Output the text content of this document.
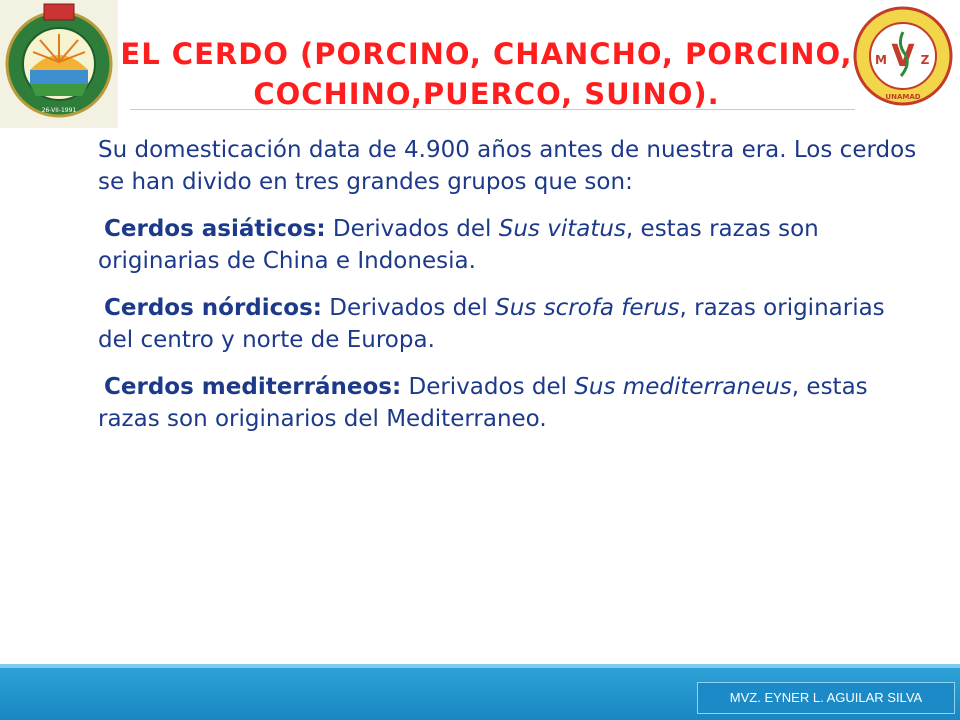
26-VII-1991
V
M	Z
UNAMAD
EL CERDO (PORCINO, CHANCHO, PORCINO,
COCHINO,PUERCO, SUINO).

Su domesticación data de 4.900 años antes de nuestra era. Los cerdos se han divido en tres grandes grupos que son:

Cerdos asiáticos: Derivados del Sus vitatus, estas razas son originarias de China e Indonesia.

Cerdos nórdicos: Derivados del Sus scrofa ferus, razas originarias del centro y norte de Europa.

Cerdos mediterráneos: Derivados del Sus mediterraneus, estas razas son originarios del Mediterraneo.

MVZ. EYNER L. AGUILAR SILVA
